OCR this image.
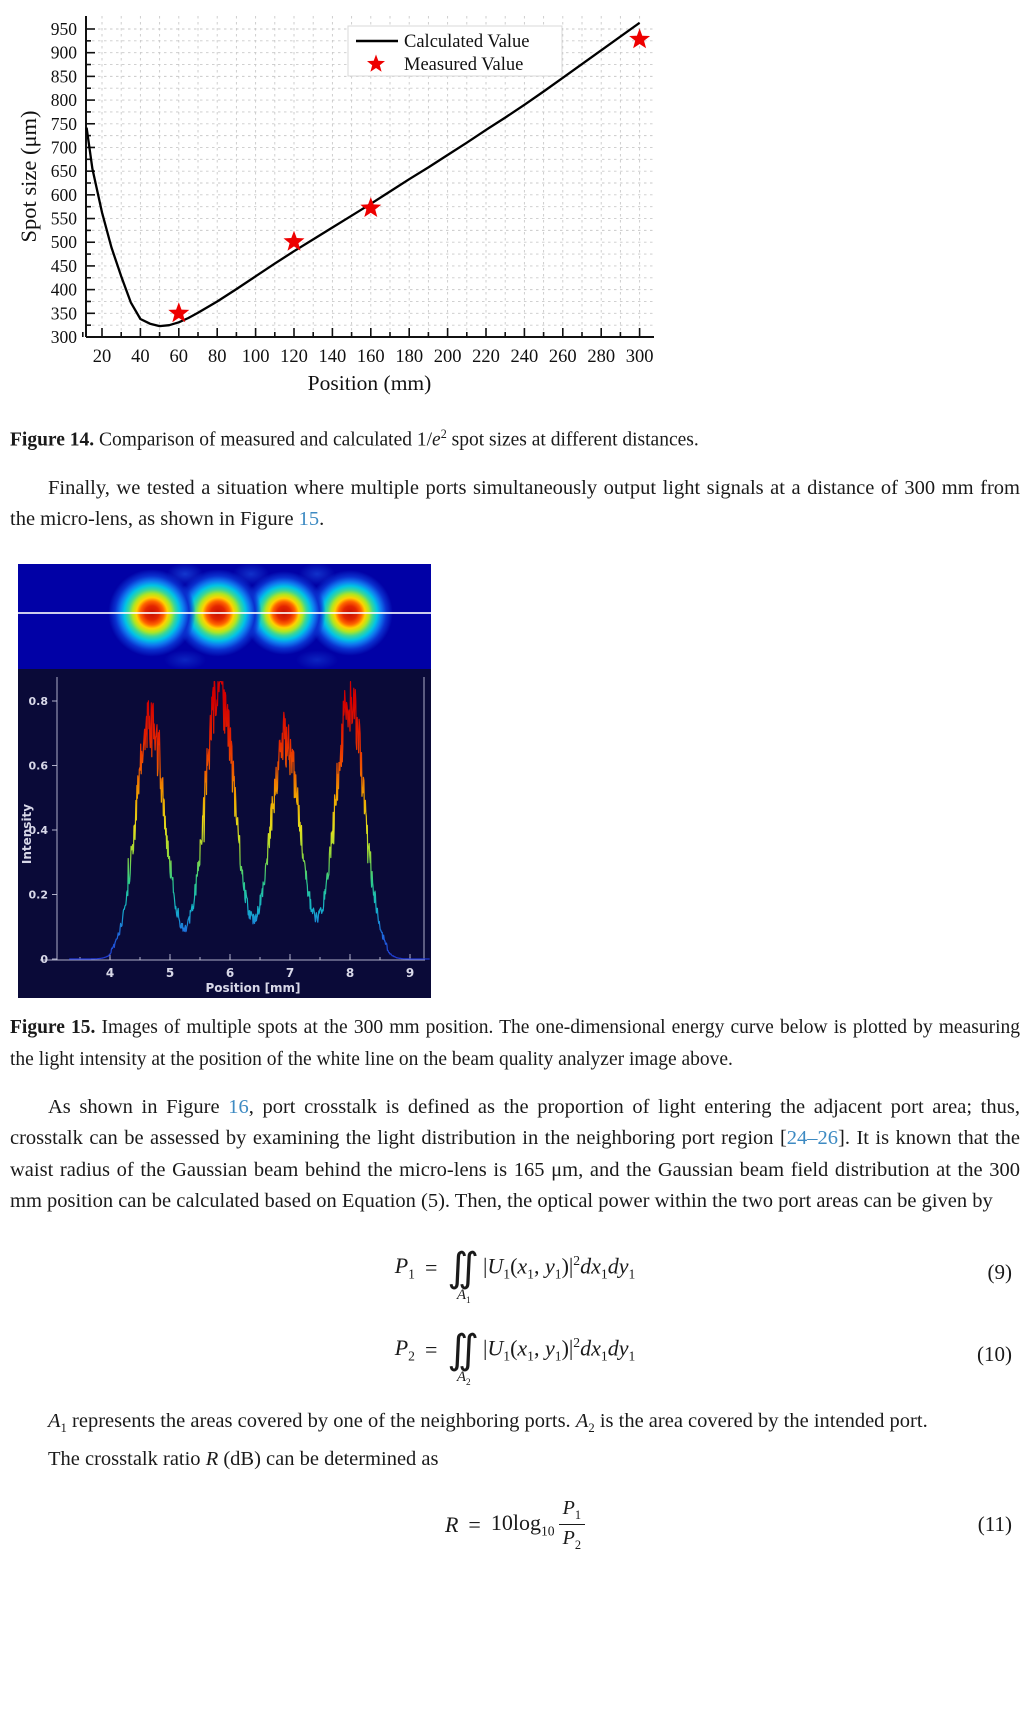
300
350
400
450
500
550
600
650
700
750
800
850
900
950
20 40 60 80 100 120 140 160 180 200 220 240 260 280 300
Position (mm)
Spot size (μm)
Calculated Value
Measured Value

Figure 14. Comparison of measured and calculated $1/e^2$ spot sizes at different distances.

Finally, we tested a situation where multiple ports simultaneously output light signals at a distance of 300 mm from the micro-lens, as shown in Figure 15.

4	5	6	7	8	9
0
0.2
0.4
0.6
0.8
Position [mm]
Intensity

Figure 15. Images of multiple spots at the 300 mm position. The one-dimensional energy curve below is plotted by measuring the light intensity at the position of the white line on the beam quality analyzer image above.

As shown in Figure 16, port crosstalk is defined as the proportion of light entering the adjacent port area; thus, crosstalk can be assessed by examining the light distribution in the neighboring port region [24–26]. It is known that the waist radius of the Gaussian beam behind the micro-lens is 165 μm, and the Gaussian beam field distribution at the 300 mm position can be calculated based on Equation (5). Then, the optical power within the two port areas can be given by

$P_1$ = ∬
$A_1$
$|U_1(x_1$, $y_1)|^2dx_1dy_1$	(9)
$P_2$ = ∬
$A_2$
$|U_1(x_1$, $y_1)|^2dx_1dy_1$	(10)

$A_1$ represents the areas covered by one of the neighboring ports. $A_2$ is the area covered by the intended port.

The crosstalk ratio R (dB) can be determined as

$R = 10\log_{10} \frac{P_1}{P_2}$	(11)
